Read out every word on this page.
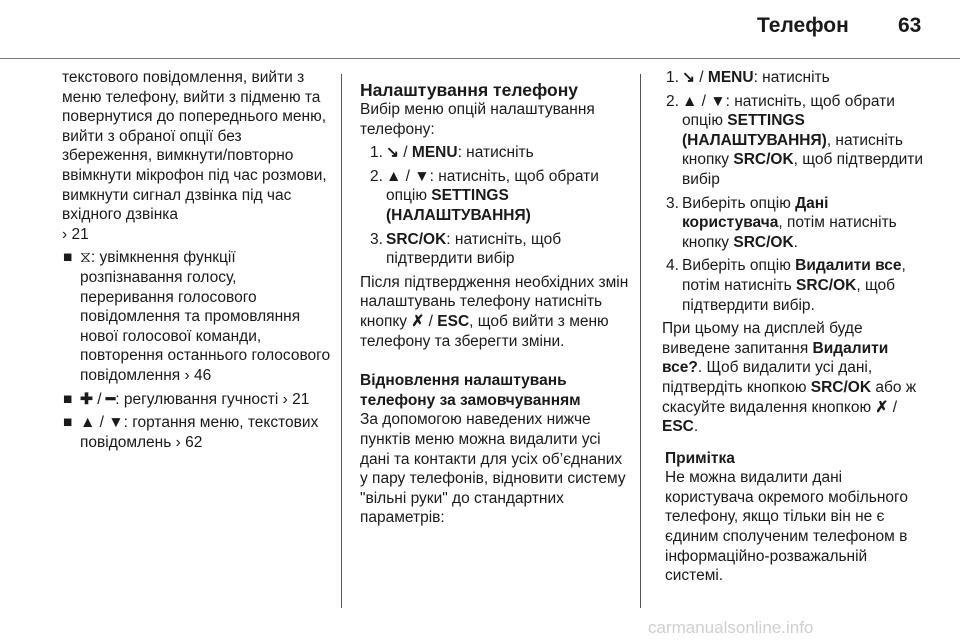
Телефон 63

текстового повідомлення, вийти з меню телефону, вийти з підменю та повернутися до попереднього меню, вийти з обраної опції без збереження, вимкнути/повторно ввімкнути мікрофон під час розмови, вимкнути сигнал дзвінка під час вхідного дзвінка
› 21

■ ⧖: увімкнення функції розпізнавання голосу, переривання голосового повідомлення та промовляння нової голосової команди, повторення останнього голосового повідомлення › 46

■ ✚ / ━: регулювання гучності › 21

■ ▲ / ▼: гортання меню, текстових повідомлень › 62

Налаштування телефону

Вибір меню опцій налаштування телефону:

1. ↘ / MENU: натисніть

2. ▲ / ▼: натисніть, щоб обрати опцію SETTINGS (НАЛАШТУВАННЯ)

3. SRC/OK: натисніть, щоб підтвердити вибір

Після підтвердження необхідних змін налаштувань телефону натисніть кнопку ✗ / ESC, щоб вийти з меню телефону та зберегти зміни.

Відновлення налаштувань телефону за замовчуванням

За допомогою наведених нижче пунктів меню можна видалити усі дані та контакти для усіх об’єднаних у пару телефонів, відновити систему "вільні руки" до стандартних параметрів:

1. ↘ / MENU: натисніть

2. ▲ / ▼: натисніть, щоб обрати опцію SETTINGS (НАЛАШТУВАННЯ), натисніть кнопку SRC/OK, щоб підтвердити вибір

3. Виберіть опцію Дані користувача, потім натисніть кнопку SRC/OK.

4. Виберіть опцію Видалити все, потім натисніть SRC/OK, щоб підтвердити вибір.

При цьому на дисплей буде виведене запитання Видалити все?. Щоб видалити усі дані, підтвердіть кнопкою SRC/OK або ж скасуйте видалення кнопкою ✗ / ESC.

Примітка

Не можна видалити дані користувача окремого мобільного телефону, якщо тільки він не є єдиним сполученим телефоном в інформаційно-розважальній системі.

carmanualsonline.info
